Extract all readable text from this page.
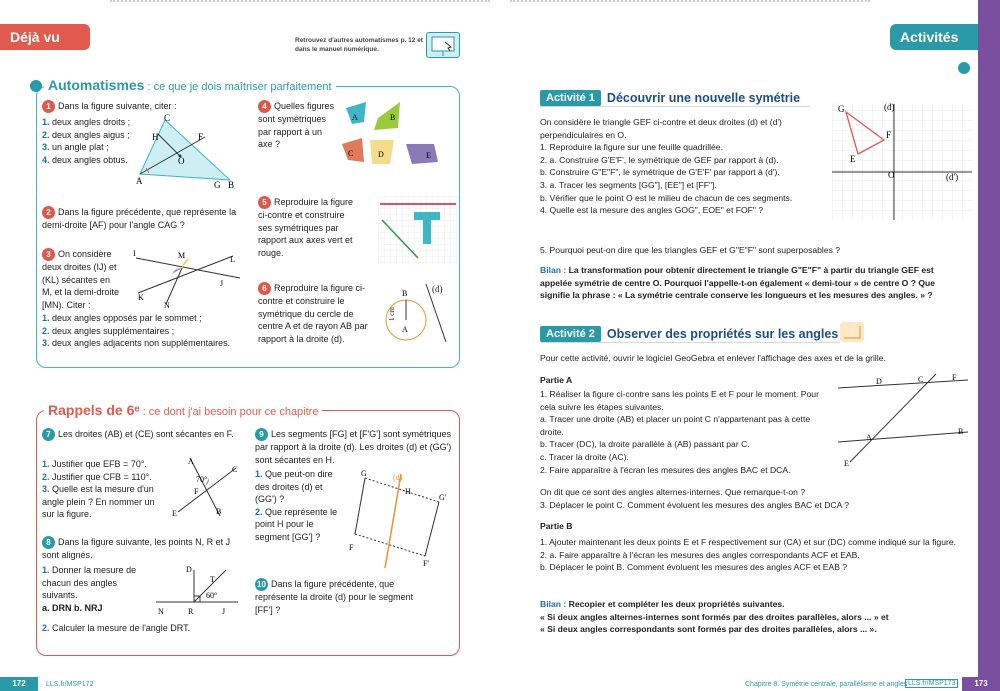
Déjà vu	Retrouvez d'autres automatismes p. 12 et dans le manuel numérique.
Automatismes : ce que je dois maîtriser parfaitement
1 Dans la figure suivante, citer :
1. deux angles droits ;
2. deux angles aigus ;
3. un angle plat ;
4. deux angles obtus.
C
H	F
O
A	G B
2 Dans la figure précédente, que représente la demi-droite [AF) pour l'angle CAG ?
3 On considère deux droites (IJ) et (KL) sécantes en M, et la demi-droite [MN). Citer :
1. deux angles opposés par le sommet ;
2. deux angles supplémentaires ;
3. deux angles adjacents non supplémentaires.
I	M	L
J
K
N
4 Quelles figures sont symétriques par rapport à un axe ?
A	B
C	D	E
5 Reproduire la figure ci-contre et construire ses symétriques par rapport aux axes vert et rouge.
6 Reproduire la figure ci-contre et construire le symétrique du cercle de centre A et de rayon AB par rapport à la droite (d).
B
A
(d)
1 cm
Rappels de 6ᵉ : ce dont j'ai besoin pour ce chapitre
7 Les droites (AB) et (CE) sont sécantes en F.
1. Justifier que EFB = 70°.
2. Justifier que CFB = 110°.
3. Quelle est la mesure d'un angle plein ? En nommer un sur la figure.
A
C
F
E	B
70°
8 Dans la figure suivante, les points N, R et J sont alignés.
1. Donner la mesure de chacun des angles suivants.
a. DRN b. NRJ
2. Calculer la mesure de l'angle DRT.
D
T
N	R	J
60°
9 Les segments [FG] et [F'G'] sont symétriques par rapport à la droite (d). Les droites (d) et (GG') sont sécantes en H.
1. Que peut-on dire des droites (d) et (GG') ?
2. Que représente le point H pour le segment [GG'] ?
G
H
G'
F
F'
(d)
10 Dans la figure précédente, que représente la droite (d) pour le segment [FF'] ?
172	LLS.fr/MSP172
Activités
Activité 1 Découvrir une nouvelle symétrie
On considère le triangle GEF ci-contre et deux droites (d) et (d') perpendiculaires en O.
1. Reproduire la figure sur une feuille quadrillée.
2. a. Construire G'E'F', le symétrique de GEF par rapport à (d).
b. Construire G"E"F", le symétrique de G'E'F' par rapport à (d').
3. a. Tracer les segments [GG"], [EE"] et [FF"].
b. Vérifier que le point O est le milieu de chacun de ces segments.
4. Quelle est la mesure des angles GOG", EOE" et FOF" ?
5. Pourquoi peut-on dire que les triangles GEF et G"E"F" sont superposables ?
Bilan : La transformation pour obtenir directement le triangle G"E"F" à partir du triangle GEF est appelée symétrie de centre O. Pourquoi l'appelle-t-on également « demi-tour » de centre O ? Que signifie la phrase : « La symétrie centrale conserve les longueurs et les mesures des angles. » ?
G
E
F
O
(d)
(d')
Activité 2 Observer des propriétés sur les angles
Pour cette activité, ouvrir le logiciel GeoGebra et enlever l'affichage des axes et de la grille.
Partie A
1. Réaliser la figure ci-contre sans les points E et F pour le moment. Pour cela suivre les étapes suivantes.
a. Tracer une droite (AB) et placer un point C n'appartenant pas à cette droite.
b. Tracer (DC), la droite parallèle à (AB) passant par C.
c. Tracer la droite (AC).
2. Faire apparaître à l'écran les mesures des angles BAC et DCA.
On dit que ce sont des angles alternes-internes. Que remarque-t-on ?
3. Déplacer le point C. Comment évoluent les mesures des angles BAC et DCA ?
D	C	F
A
B
E
Partie B
1. Ajouter maintenant les deux points E et F respectivement sur (CA) et sur (DC) comme indiqué sur la figure.
2. a. Faire apparaître à l'écran les mesures des angles correspondants ACF et EAB.
b. Déplacer le point B. Comment évoluent les mesures des angles ACF et EAB ?
Bilan : Recopier et compléter les deux propriétés suivantes.
« Si deux angles alternes-internes sont formés par des droites parallèles, alors ... » et
« Si deux angles correspondants sont formés par des droites parallèles, alors ... ».
Chapitre 8. Symétrie centrale, parallélisme et angles LLS.fr/MSP173	173
